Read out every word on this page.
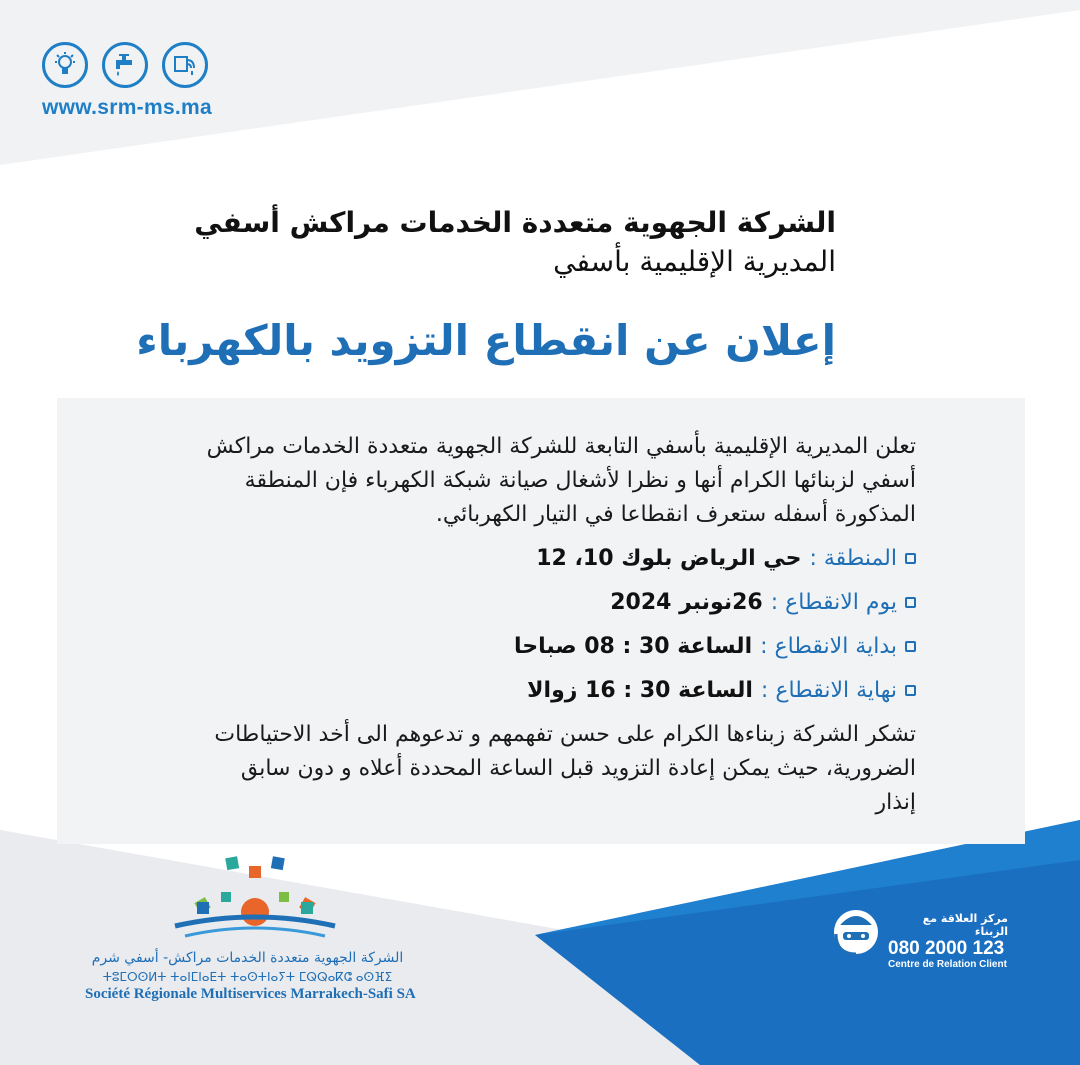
www.srm-ms.ma
الشركة الجهوية متعددة الخدمات مراكش أسفي
المديرية الإقليمية بأسفي
إعلان عن انقطاع التزويد بالكهرباء
تعلن المديرية الإقليمية بأسفي التابعة للشركة الجهوية متعددة الخدمات مراكش أسفي لزبنائها الكرام أنها و نظرا لأشغال صيانة شبكة الكهرباء فإن المنطقة المذكورة أسفله ستعرف انقطاعا في التيار الكهربائي.
المنطقة :
حي الرياض بلوك 10، 12
يوم الانقطاع :
26نونبر 2024
بداية الانقطاع :
الساعة 30 : 08 صباحا
نهاية الانقطاع :
الساعة 30 : 16 زوالا
تشكر الشركة زبناءها الكرام على حسن تفهمهم و تدعوهم الى أخد الاحتياطات الضرورية، حيث يمكن إعادة التزويد قبل الساعة المحددة أعلاه و دون سابق إنذار
الشركة الجهوية متعددة الخدمات مراكش- أسفي شرم
ⵜⵓⵎⵔⵙⵍⵜ ⵜⴰⵏⵎⵏⴰⴹⵜ ⵜⴰⵙⵜⵏⴰⵢⵜ ⵎⵕⵕⴰⴽⵛ ⴰⵙⴼⵉ
Société Régionale Multiservices Marrakech-Safi SA
مركز العلاقة مع الزبناء
080 2000 123
Centre de Relation Client
